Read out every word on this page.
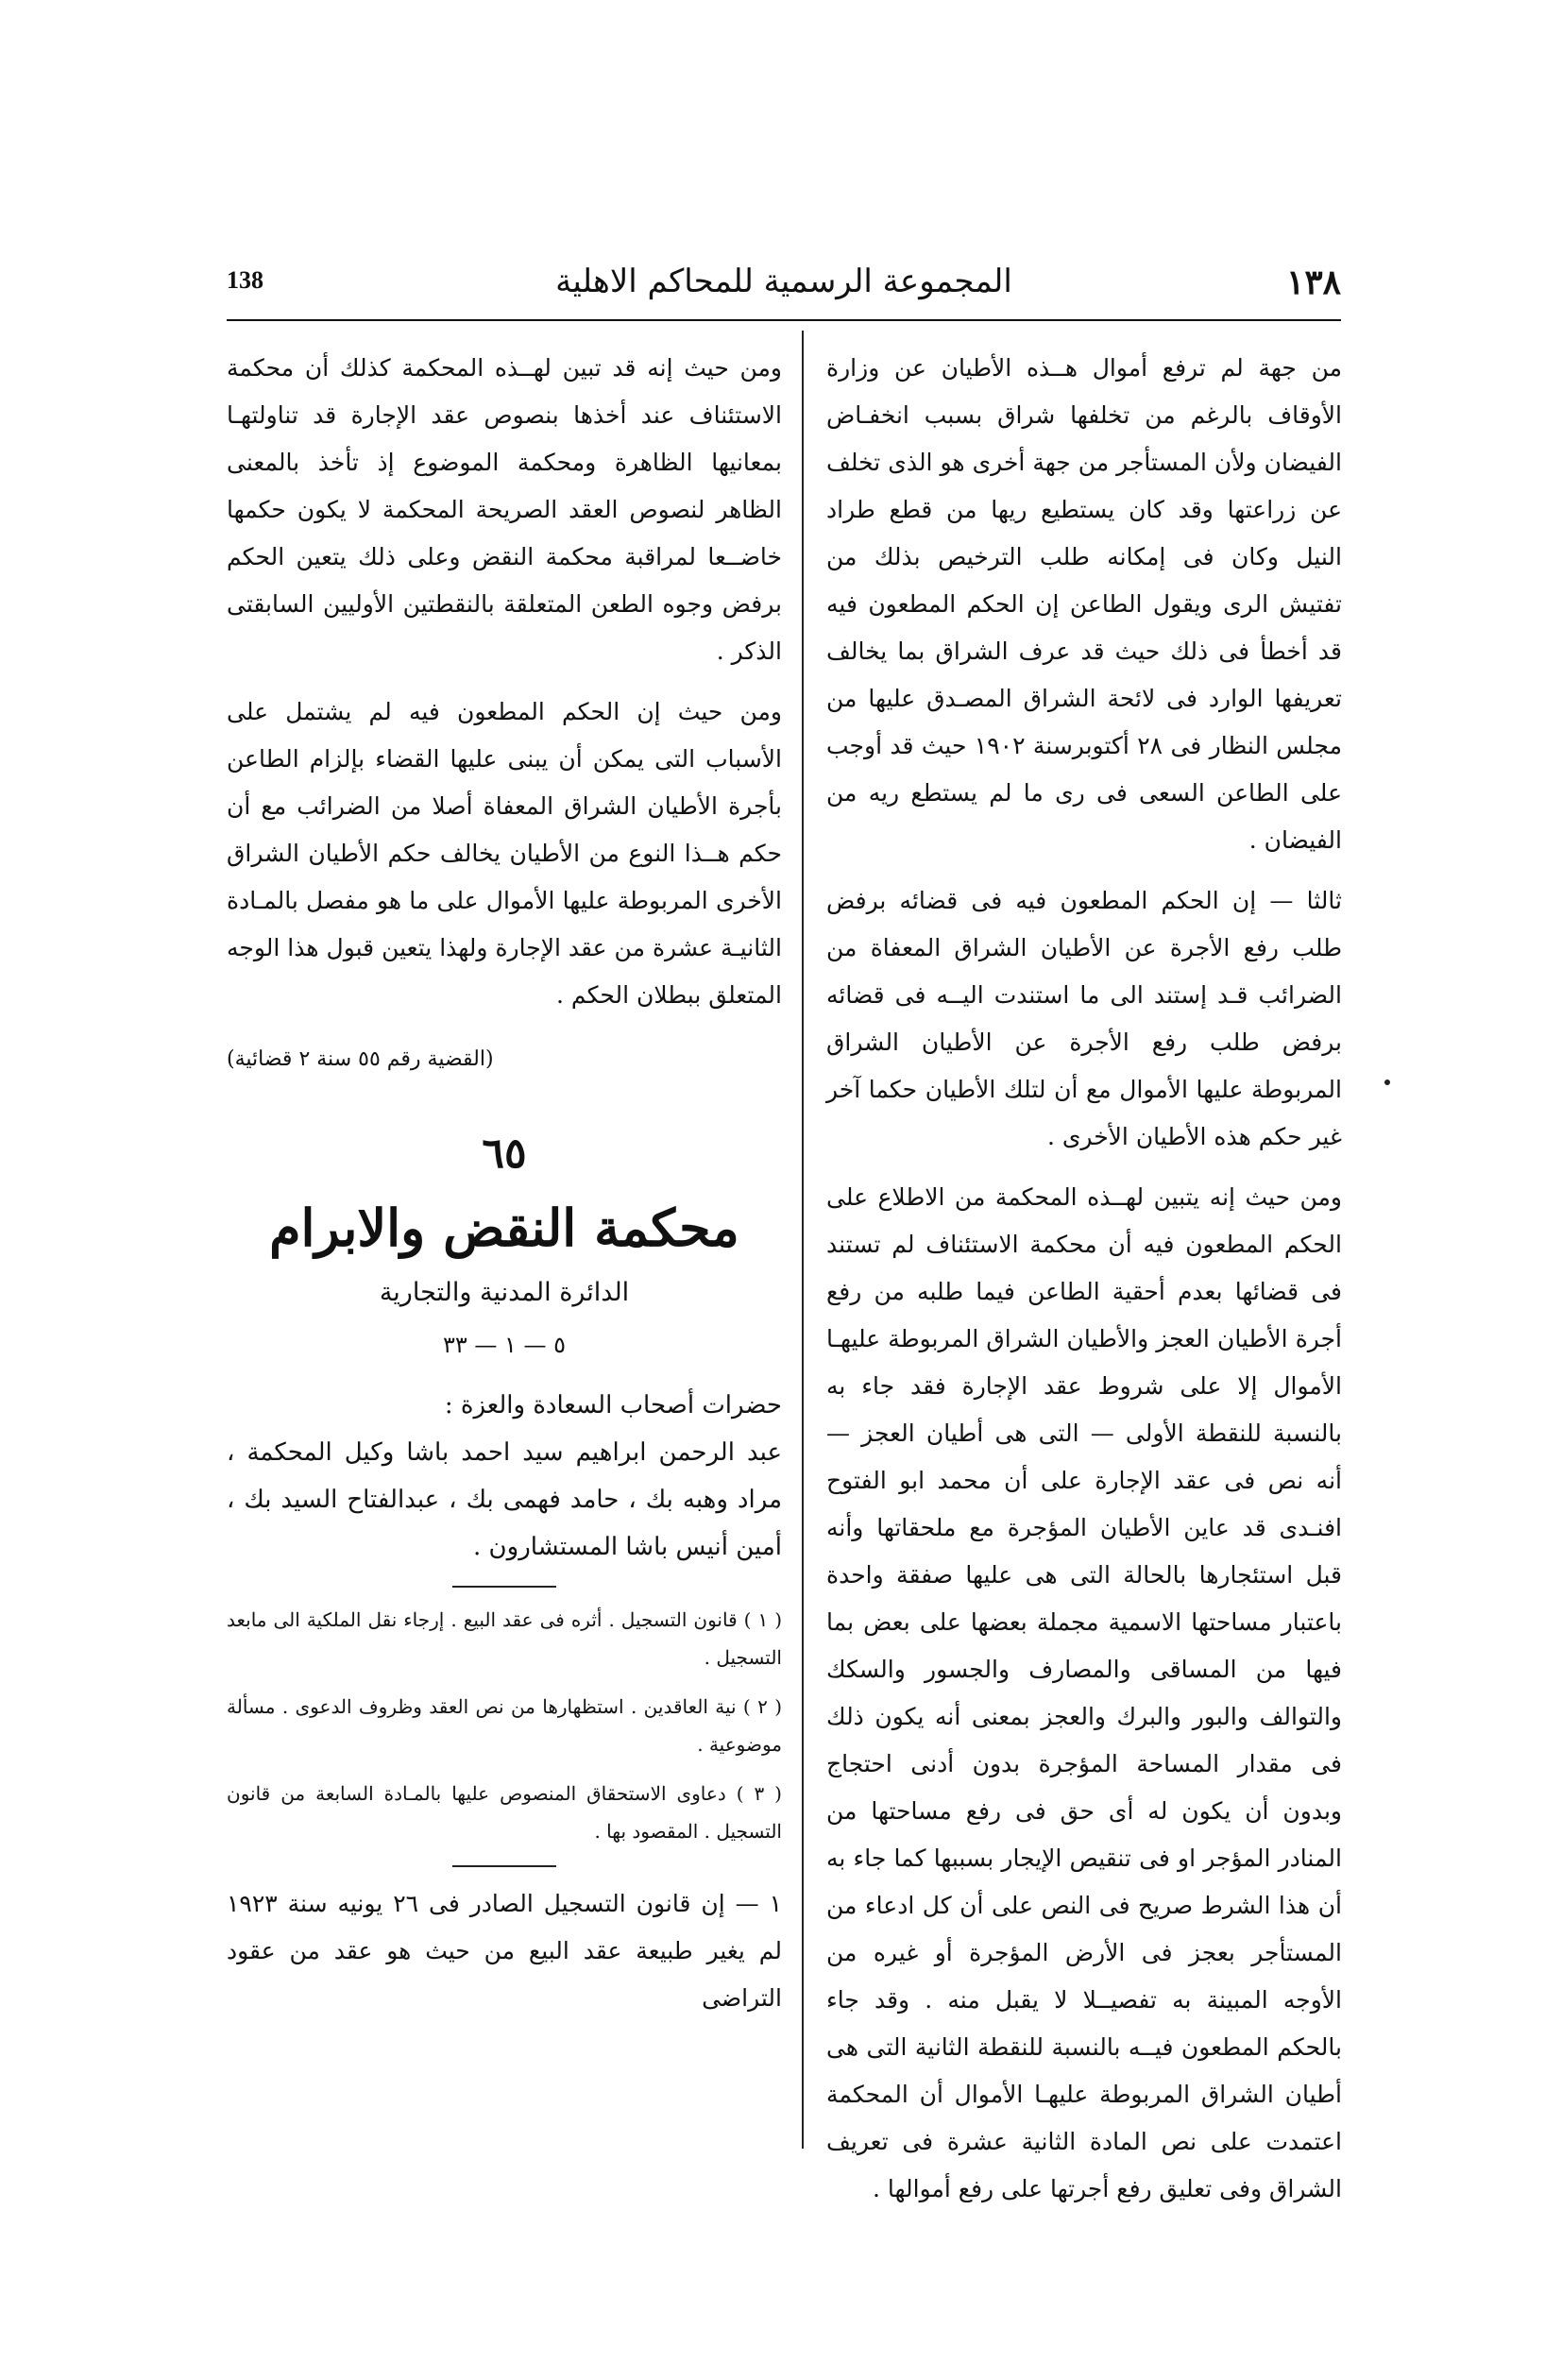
138	المجموعة الرسمية للمحاكم الاهلية	١٣٨

من جهة لم ترفع أموال هــذه الأطيان عن وزارة الأوقاف بالرغم من تخلفها شراق بسبب انخفـاض الفيضان ولأن المستأجر من جهة أخرى هو الذى تخلف عن زراعتها وقد كان يستطيع ريها من قطع طراد النيل وكان فى إمكانه طلب الترخيص بذلك من تفتيش الرى ويقول الطاعن إن الحكم المطعون فيه قد أخطأ فى ذلك حيث قد عرف الشراق بما يخالف تعريفها الوارد فى لائحة الشراق المصـدق عليها من مجلس النظار فى ٢٨ أكتوبرسنة ١٩٠٢ حيث قد أوجب على الطاعن السعى فى رى ما لم يستطع ريه من الفيضان .

ثالثا — إن الحكم المطعون فيه فى قضائه برفض طلب رفع الأجرة عن الأطيان الشراق المعفاة من الضرائب قـد إستند الى ما استندت اليــه فى قضائه برفض طلب رفع الأجرة عن الأطيان الشراق المربوطة عليها الأموال مع أن لتلك الأطيان حكما آخر غير حكم هذه الأطيان الأخرى .

ومن حيث إنه يتبين لهــذه المحكمة من الاطلاع على الحكم المطعون فيه أن محكمة الاستئناف لم تستند فى قضائها بعدم أحقية الطاعن فيما طلبه من رفع أجرة الأطيان العجز والأطيان الشراق المربوطة عليهـا الأموال إلا على شروط عقد الإجارة فقد جاء به بالنسبة للنقطة الأولى — التى هى أطيان العجز — أنه نص فى عقد الإجارة على أن محمد ابو الفتوح افنـدى قد عاين الأطيان المؤجرة مع ملحقاتها وأنه قبل استئجارها بالحالة التى هى عليها صفقة واحدة باعتبار مساحتها الاسمية مجملة بعضها على بعض بما فيها من المساقى والمصارف والجسور والسكك والتوالف والبور والبرك والعجز بمعنى أنه يكون ذلك فى مقدار المساحة المؤجرة بدون أدنى احتجاج وبدون أن يكون له أى حق فى رفع مساحتها من المنادر المؤجر او فى تنقيص الإيجار بسببها كما جاء به أن هذا الشرط صريح فى النص على أن كل ادعاء من المستأجر بعجز فى الأرض المؤجرة أو غيره من الأوجه المبينة به تفصيــلا لا يقبل منه . وقد جاء بالحكم المطعون فيــه بالنسبة للنقطة الثانية التى هى أطيان الشراق المربوطة عليهـا الأموال أن المحكمة اعتمدت على نص المادة الثانية عشرة فى تعريف الشراق وفى تعليق رفع أجرتها على رفع أموالها .

ومن حيث إنه قد تبين لهــذه المحكمة كذلك أن محكمة الاستئناف عند أخذها بنصوص عقد الإجارة قد تناولتهـا بمعانيها الظاهرة ومحكمة الموضوع إذ تأخذ بالمعنى الظاهر لنصوص العقد الصريحة المحكمة لا يكون حكمها خاضــعا لمراقبة محكمة النقض وعلى ذلك يتعين الحكم برفض وجوه الطعن المتعلقة بالنقطتين الأوليين السابقتى الذكر .

ومن حيث إن الحكم المطعون فيه لم يشتمل على الأسباب التى يمكن أن يبنى عليها القضاء بإلزام الطاعن بأجرة الأطيان الشراق المعفاة أصلا من الضرائب مع أن حكم هــذا النوع من الأطيان يخالف حكم الأطيان الشراق الأخرى المربوطة عليها الأموال على ما هو مفصل بالمـادة الثانيـة عشرة من عقد الإجارة ولهذا يتعين قبول هذا الوجه المتعلق ببطلان الحكم .

(القضية رقم ٥٥ سنة ٢ قضائية)
٦٥
محكمة النقض والابرام
الدائرة المدنية والتجارية
٥ — ١ — ٣٣
حضرات أصحاب السعادة والعزة :
عبد الرحمن ابراهيم سيد احمد باشا وكيل المحكمة ، مراد وهبه بك ، حامد فهمى بك ، عبدالفتاح السيد بك ، أمين أنيس باشا المستشارون .
( ١ ) قانون التسجيل . أثره فى عقد البيع . إرجاء نقل الملكية الى مابعد التسجيل .
( ٢ ) نية العاقدين . استظهارها من نص العقد وظروف الدعوى . مسألة موضوعية .
( ٣ ) دعاوى الاستحقاق المنصوص عليها بالمـادة السابعة من قانون التسجيل . المقصود بها .

١ — إن قانون التسجيل الصادر فى ٢٦ يونيه سنة ١٩٢٣ لم يغير طبيعة عقد البيع من حيث هو عقد من عقود التراضى
